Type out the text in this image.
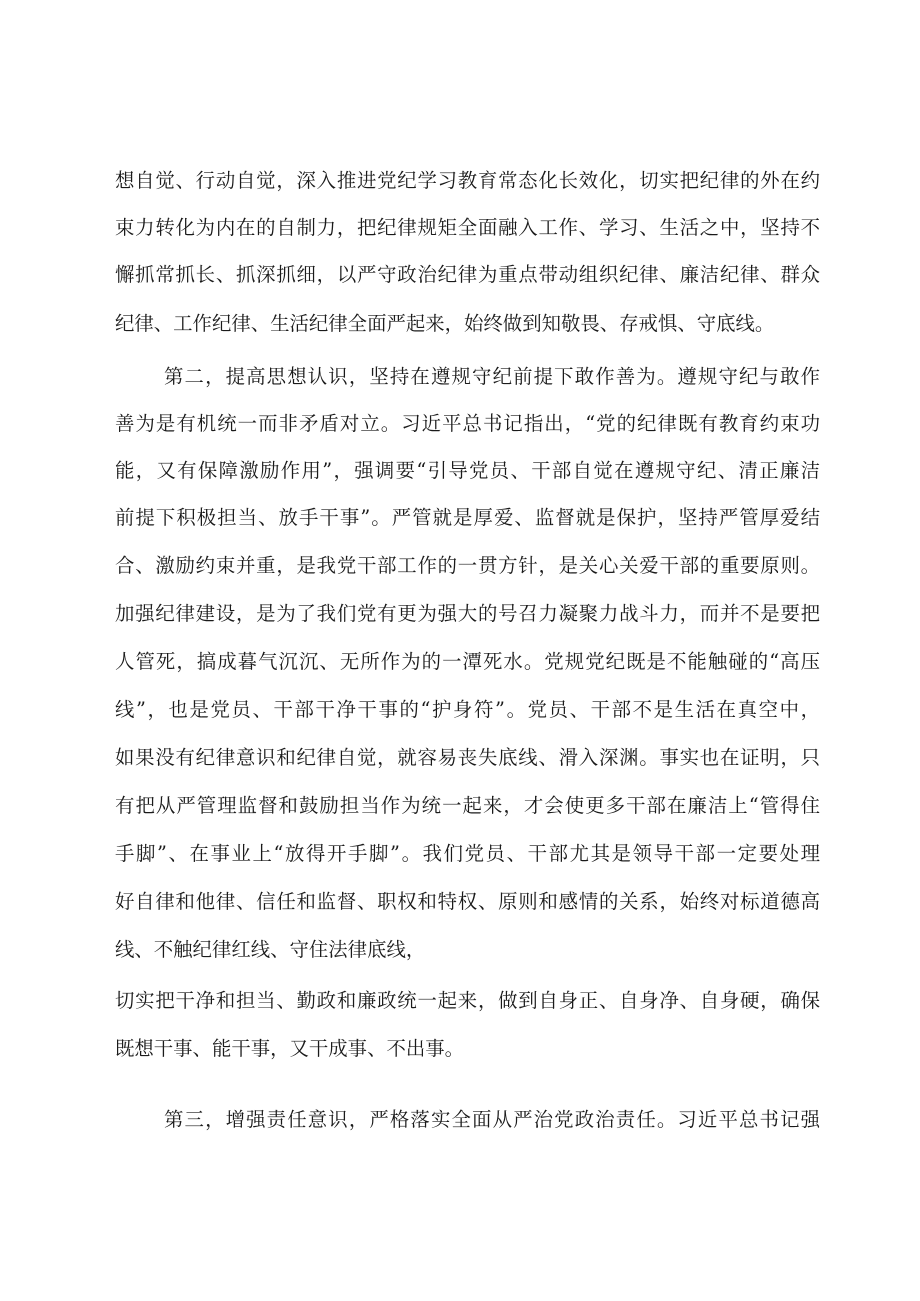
想自觉、行动自觉，深入推进党纪学习教育常态化长效化，切实把纪律的外在约
束力转化为内在的自制力，把纪律规矩全面融入工作、学习、生活之中，坚持不
懈抓常抓长、抓深抓细，以严守政治纪律为重点带动组织纪律、廉洁纪律、群众
纪律、工作纪律、生活纪律全面严起来，始终做到知敬畏、存戒惧、守底线。
第二，提高思想认识，坚持在遵规守纪前提下敢作善为。遵规守纪与敢作
善为是有机统一而非矛盾对立。习近平总书记指出，“党的纪律既有教育约束功
能，又有保障激励作用”，强调要“引导党员、干部自觉在遵规守纪、清正廉洁
前提下积极担当、放手干事”。严管就是厚爱、监督就是保护，坚持严管厚爱结
合、激励约束并重，是我党干部工作的一贯方针，是关心关爱干部的重要原则。
加强纪律建设，是为了我们党有更为强大的号召力凝聚力战斗力，而并不是要把
人管死，搞成暮气沉沉、无所作为的一潭死水。党规党纪既是不能触碰的“高压
线”，也是党员、干部干净干事的“护身符”。党员、干部不是生活在真空中，
如果没有纪律意识和纪律自觉，就容易丧失底线、滑入深渊。事实也在证明，只
有把从严管理监督和鼓励担当作为统一起来，才会使更多干部在廉洁上“管得住
手脚”、在事业上“放得开手脚”。我们党员、干部尤其是领导干部一定要处理
好自律和他律、信任和监督、职权和特权、原则和感情的关系，始终对标道德高
线、不触纪律红线、守住法律底线，
切实把干净和担当、勤政和廉政统一起来，做到自身正、自身净、自身硬，确保
既想干事、能干事，又干成事、不出事。
第三，增强责任意识，严格落实全面从严治党政治责任。习近平总书记强
